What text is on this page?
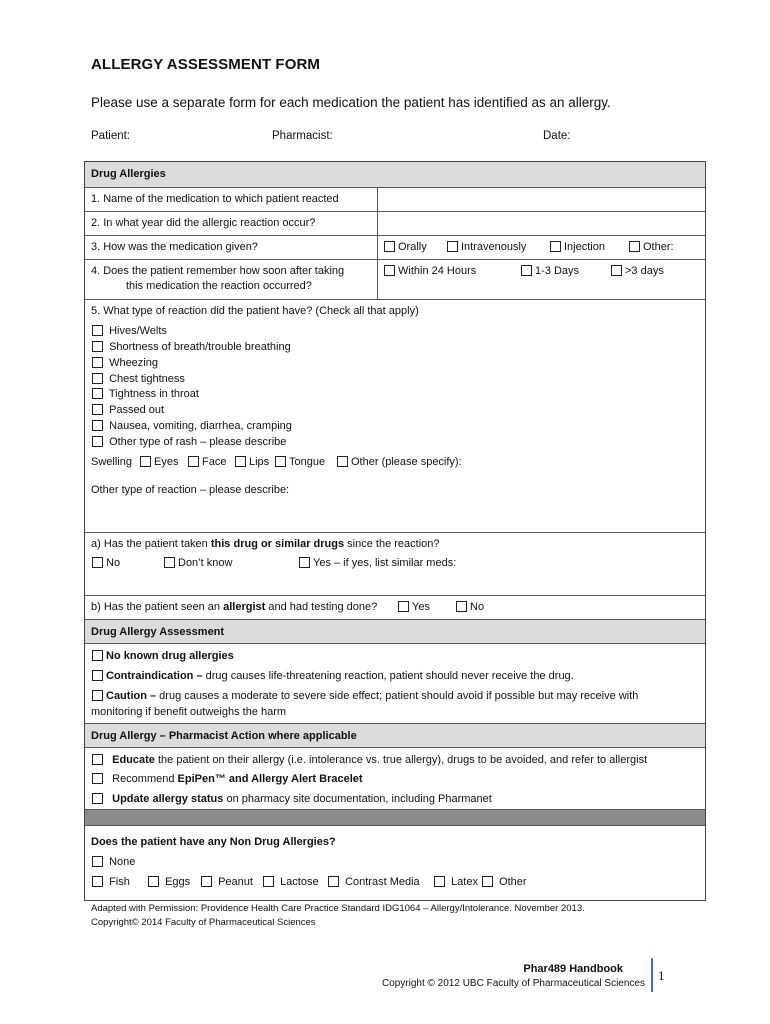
ALLERGY ASSESSMENT FORM
Please use a separate form for each medication the patient has identified as an allergy.
Patient:	Pharmacist:	Date:
Drug Allergies
1. Name of the medication to which patient reacted
2. In what year did the allergic reaction occur?
3. How was the medication given?	Orally	Intravenously	Injection	Other:
4. Does the patient remember how soon after taking
this medication the reaction occurred?
Within 24 Hours	1-3 Days	>3 days
5. What type of reaction did the patient have? (Check all that apply)
Hives/Welts
Shortness of breath/trouble breathing
Wheezing
Chest tightness
Tightness in throat
Passed out
Nausea, vomiting, diarrhea, cramping
Other type of rash – please describe
Swelling	Eyes	Face	Lips	Tongue	Other (please specify):
Other type of reaction – please describe:
a) Has the patient taken this drug or similar drugs since the reaction?
No	Don’t know	Yes – if yes, list similar meds:
b) Has the patient seen an allergist and had testing done?	Yes	No
Drug Allergy Assessment
No known drug allergies
Contraindication – drug causes life-threatening reaction, patient should never receive the drug.
Caution – drug causes a moderate to severe side effect; patient should avoid if possible but may receive with
monitoring if benefit outweighs the harm
Drug Allergy – Pharmacist Action where applicable
Educate the patient on their allergy (i.e. intolerance vs. true allergy), drugs to be avoided, and refer to allergist
Recommend EpiPen™ and Allergy Alert Bracelet
Update allergy status on pharmacy site documentation, including Pharmanet
Does the patient have any Non Drug Allergies?
None
Fish	Eggs	Peanut	Lactose	Contrast Media	Latex	Other
Adapted with Permission: Providence Health Care Practice Standard IDG1064 – Allergy/Intolerance. November 2013.
Copyright© 2014 Faculty of Pharmaceutical Sciences
Phar489 Handbook
Copyright © 2012 UBC Faculty of Pharmaceutical Sciences
1
